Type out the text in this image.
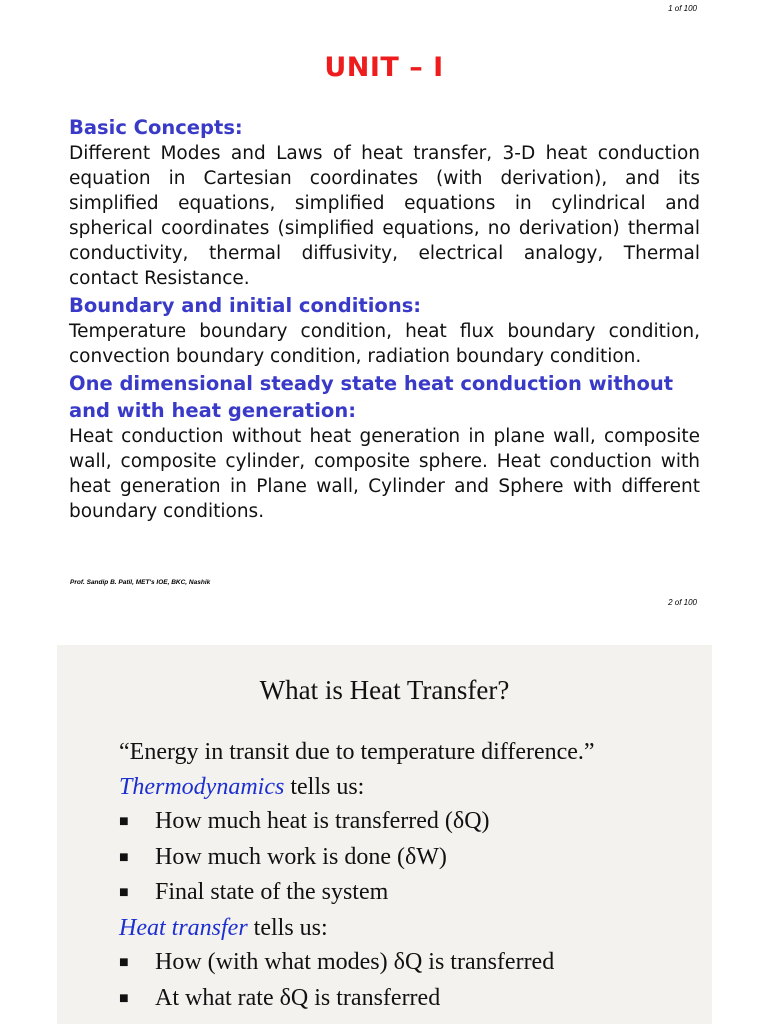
1 of 100
UNIT – I

Basic Concepts:

Different Modes and Laws of heat transfer, 3-D heat conduction equation in Cartesian coordinates (with derivation), and its simplified equations, simplified equations in cylindrical and spherical coordinates (simplified equations, no derivation) thermal conductivity, thermal diffusivity, electrical analogy, Thermal contact Resistance.

Boundary and initial conditions:

Temperature boundary condition, heat flux boundary condition, convection boundary condition, radiation boundary condition.

One dimensional steady state heat conduction without and with heat generation:

Heat conduction without heat generation in plane wall, composite wall, composite cylinder, composite sphere. Heat conduction with heat generation in Plane wall, Cylinder and Sphere with different boundary conditions.

Prof. Sandip B. Patil, MET's IOE, BKC, Nashik
2 of 100
What is Heat Transfer?
“Energy in transit due to temperature difference.”
Thermodynamics tells us:
■ How much heat is transferred (δQ)
■ How much work is done (δW)
■ Final state of the system
Heat transfer tells us:
■ How (with what modes) δQ is transferred
■ At what rate δQ is transferred
